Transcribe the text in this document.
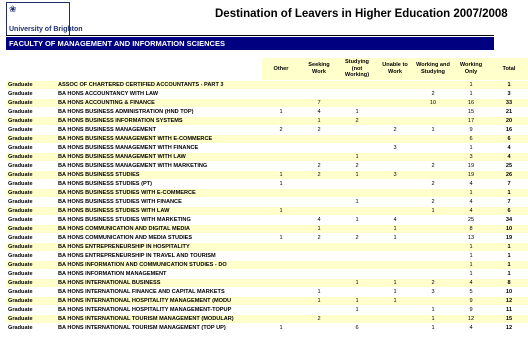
❀
University of Brighton
Destination of Leavers in Higher Education 2007/2008
FACULTY OF MANAGEMENT AND INFORMATION SCIENCES
		Other	Seeking Work	Studying (not Working)	Unable to Work	Working and Studying	Working Only	Total
Graduate	ASSOC OF CHARTERED CERTIFIED ACCOUNTANTS - PART 3						1	1
Graduate	BA HONS ACCOUNTANCY WITH LAW					2	1	3
Graduate	BA HONS ACCOUNTING & FINANCE		7			10	16	33
Graduate	BA HONS BUSINESS ADMINISTRATION (HND TOP)	1	4	1			15	21
Graduate	BA HONS BUSINESS INFORMATION SYSTEMS		1	2			17	20
Graduate	BA HONS BUSINESS MANAGEMENT	2	2		2	1	9	16
Graduate	BA HONS BUSINESS MANAGEMENT WITH E-COMMERCE						6	6
Graduate	BA HONS BUSINESS MANAGEMENT WITH FINANCE				3		1	4
Graduate	BA HONS BUSINESS MANAGEMENT WITH LAW			1			3	4
Graduate	BA HONS BUSINESS MANAGEMENT WITH MARKETING		2	2		2	19	25
Graduate	BA HONS BUSINESS STUDIES	1	2	1	3		19	26
Graduate	BA HONS BUSINESS STUDIES (PT)	1				2	4	7
Graduate	BA HONS BUSINESS STUDIES WITH E-COMMERCE						1	1
Graduate	BA HONS BUSINESS STUDIES WITH FINANCE			1		2	4	7
Graduate	BA HONS BUSINESS STUDIES WITH LAW	1				1	4	6
Graduate	BA HONS BUSINESS STUDIES WITH MARKETING		4	1	4		25	34
Graduate	BA HONS COMMUNICATION AND DIGITAL MEDIA		1		1		8	10
Graduate	BA HONS COMMUNICATION AND MEDIA STUDIES	1	2	2	1		13	19
Graduate	BA HONS ENTREPRENEURSHIP IN HOSPITALITY						1	1
Graduate	BA HONS ENTREPRENEURSHIP IN TRAVEL AND TOURISM						1	1
Graduate	BA HONS INFORMATION AND COMMUNICATION STUDIES - DO						1	1
Graduate	BA HONS INFORMATION MANAGEMENT						1	1
Graduate	BA HONS INTERNATIONAL BUSINESS			1	1	2	4	8
Graduate	BA HONS INTERNATIONAL FINANCE AND CAPITAL MARKETS		1		1	3	5	10
Graduate	BA HONS INTERNATIONAL HOSPITALITY MANAGEMENT (MODU		1	1	1		9	12
Graduate	BA HONS INTERNATIONAL HOSPITALITY MANAGEMENT-TOPUP			1		1	9	11
Graduate	BA HONS INTERNATIONAL TOURISM MANAGEMENT (MODULAR)		2			1	12	15
Graduate	BA HONS INTERNATIONAL TOURISM MANAGEMENT (TOP UP)	1		6		1	4	12
